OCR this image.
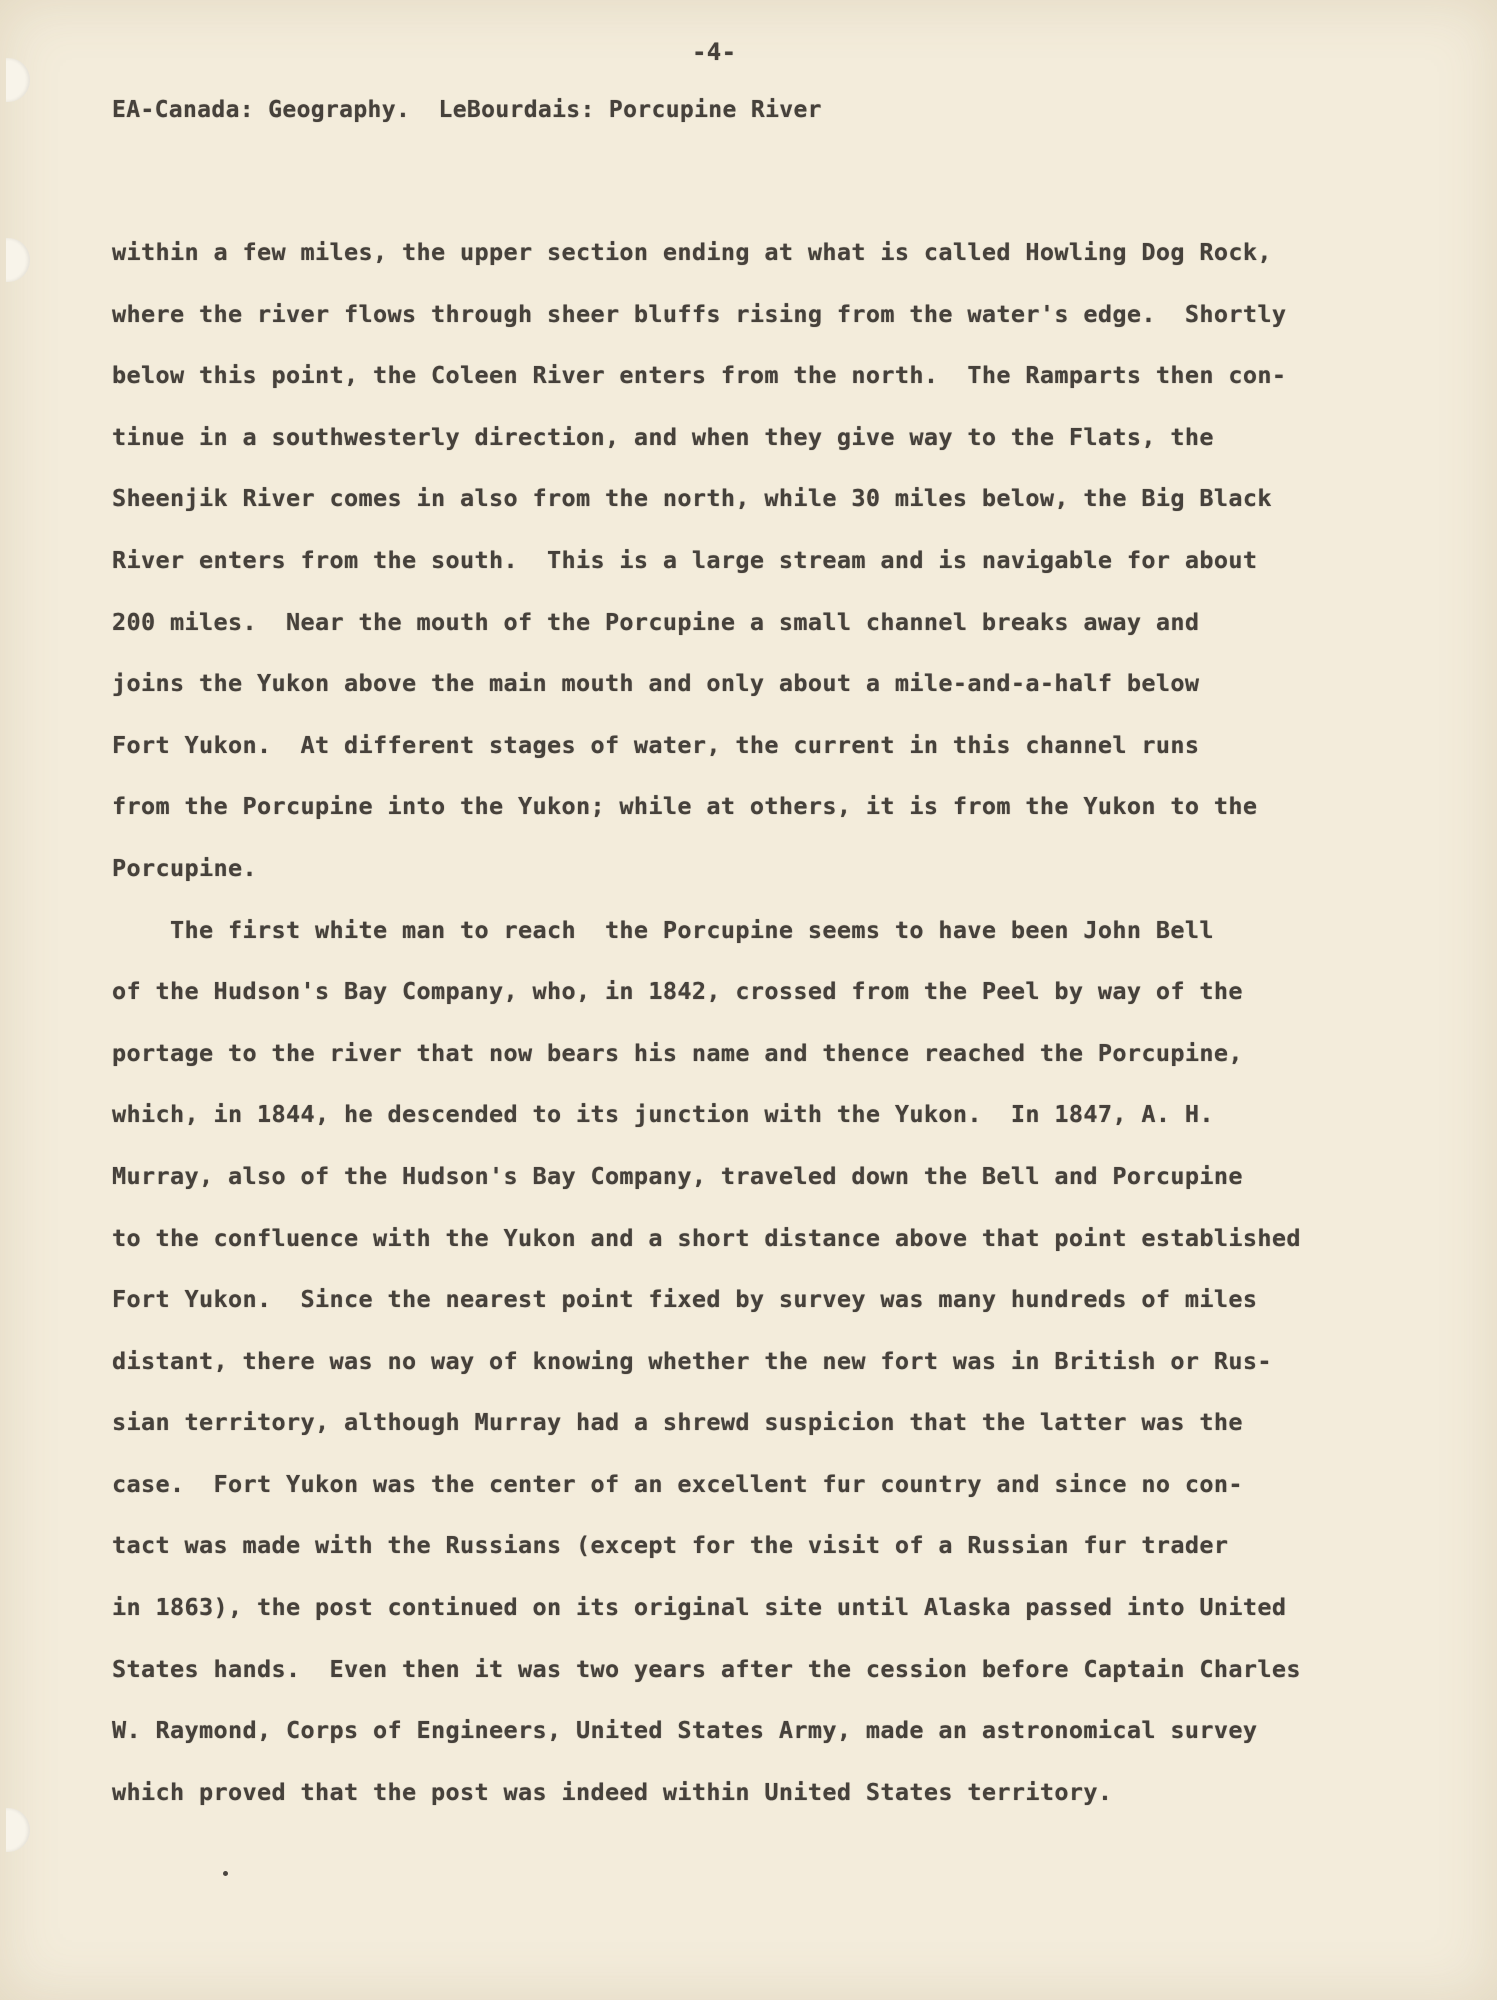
-4-
EA-Canada: Geography.  LeBourdais: Porcupine River
within a few miles, the upper section ending at what is called Howling Dog Rock,
where the river flows through sheer bluffs rising from the water's edge.  Shortly
below this point, the Coleen River enters from the north.  The Ramparts then con-
tinue in a southwesterly direction, and when they give way to the Flats, the
Sheenjik River comes in also from the north, while 30 miles below, the Big Black
River enters from the south.  This is a large stream and is navigable for about
200 miles.  Near the mouth of the Porcupine a small channel breaks away and
joins the Yukon above the main mouth and only about a mile-and-a-half below
Fort Yukon.  At different stages of water, the current in this channel runs
from the Porcupine into the Yukon; while at others, it is from the Yukon to the
Porcupine.
The first white man to reach  the Porcupine seems to have been John Bell
of the Hudson's Bay Company, who, in 1842, crossed from the Peel by way of the
portage to the river that now bears his name and thence reached the Porcupine,
which, in 1844, he descended to its junction with the Yukon.  In 1847, A. H.
Murray, also of the Hudson's Bay Company, traveled down the Bell and Porcupine
to the confluence with the Yukon and a short distance above that point established
Fort Yukon.  Since the nearest point fixed by survey was many hundreds of miles
distant, there was no way of knowing whether the new fort was in British or Rus-
sian territory, although Murray had a shrewd suspicion that the latter was the
case.  Fort Yukon was the center of an excellent fur country and since no con-
tact was made with the Russians (except for the visit of a Russian fur trader
in 1863), the post continued on its original site until Alaska passed into United
States hands.  Even then it was two years after the cession before Captain Charles
W. Raymond, Corps of Engineers, United States Army, made an astronomical survey
which proved that the post was indeed within United States territory.
